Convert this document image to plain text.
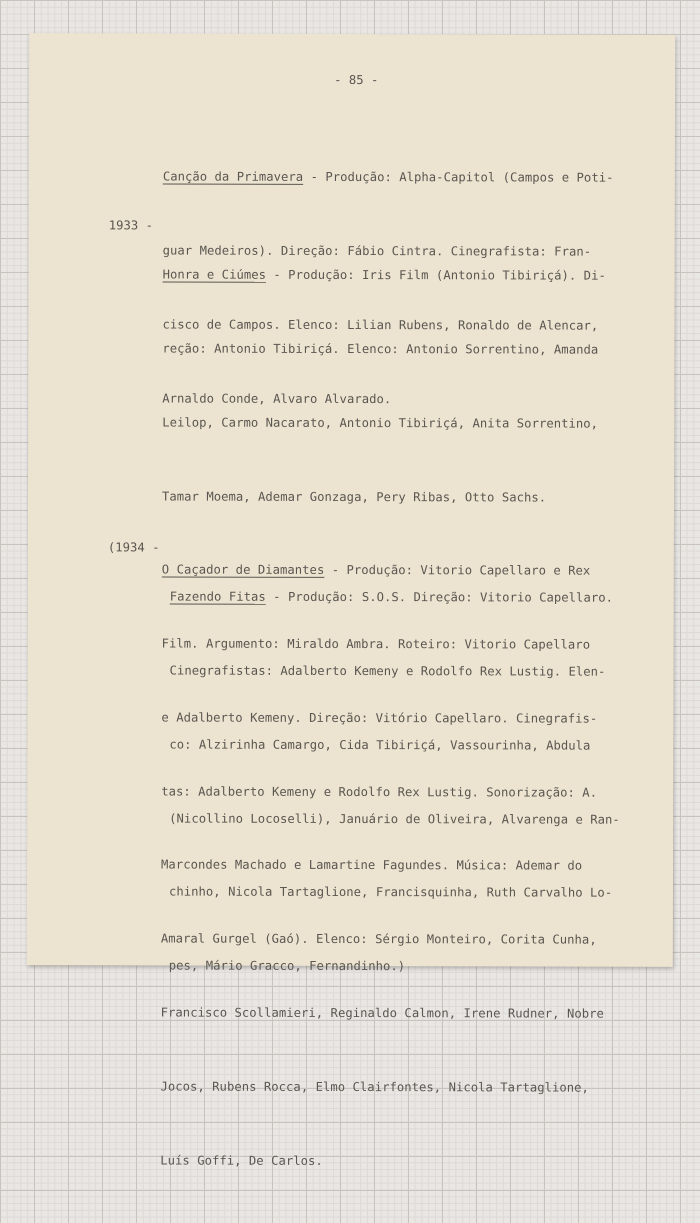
- 85 -

Canção da Primavera - Produção: Alpha-Capitol (Campos e Poti-

guar Medeiros). Direção: Fábio Cintra. Cinegrafista: Fran-

cisco de Campos. Elenco: Lilian Rubens, Ronaldo de Alencar,

Arnaldo Conde, Alvaro Alvarado.

1933 -

Honra e Ciúmes - Produção: Iris Film (Antonio Tibiriçá). Di-

reção: Antonio Tibiriçá. Elenco: Antonio Sorrentino, Amanda

Leilop, Carmo Nacarato, Antonio Tibiriçá, Anita Sorrentino,

Tamar Moema, Ademar Gonzaga, Pery Ribas, Otto Sachs.

O Caçador de Diamantes - Produção: Vitorio Capellaro e Rex

Film. Argumento: Miraldo Ambra. Roteiro: Vitorio Capellaro

e Adalberto Kemeny. Direção: Vitório Capellaro. Cinegrafis-

tas: Adalberto Kemeny e Rodolfo Rex Lustig. Sonorização: A.

Marcondes Machado e Lamartine Fagundes. Música: Ademar do

Amaral Gurgel (Gaó). Elenco: Sérgio Monteiro, Corita Cunha,

Francisco Scollamieri, Reginaldo Calmon, Irene Rudner, Nobre

Jocos, Rubens Rocca, Elmo Clairfontes, Nicola Tartaglione,

Luís Goffi, De Carlos.

(1934 -

Fazendo Fitas - Produção: S.O.S. Direção: Vitorio Capellaro.

Cinegrafistas: Adalberto Kemeny e Rodolfo Rex Lustig. Elen-

co: Alzirinha Camargo, Cida Tibiriçá, Vassourinha, Abdula

(Nicollino Locoselli), Januário de Oliveira, Alvarenga e Ran-

chinho, Nicola Tartaglione, Francisquinha, Ruth Carvalho Lo-

pes, Mário Gracco, Fernandinho.)
